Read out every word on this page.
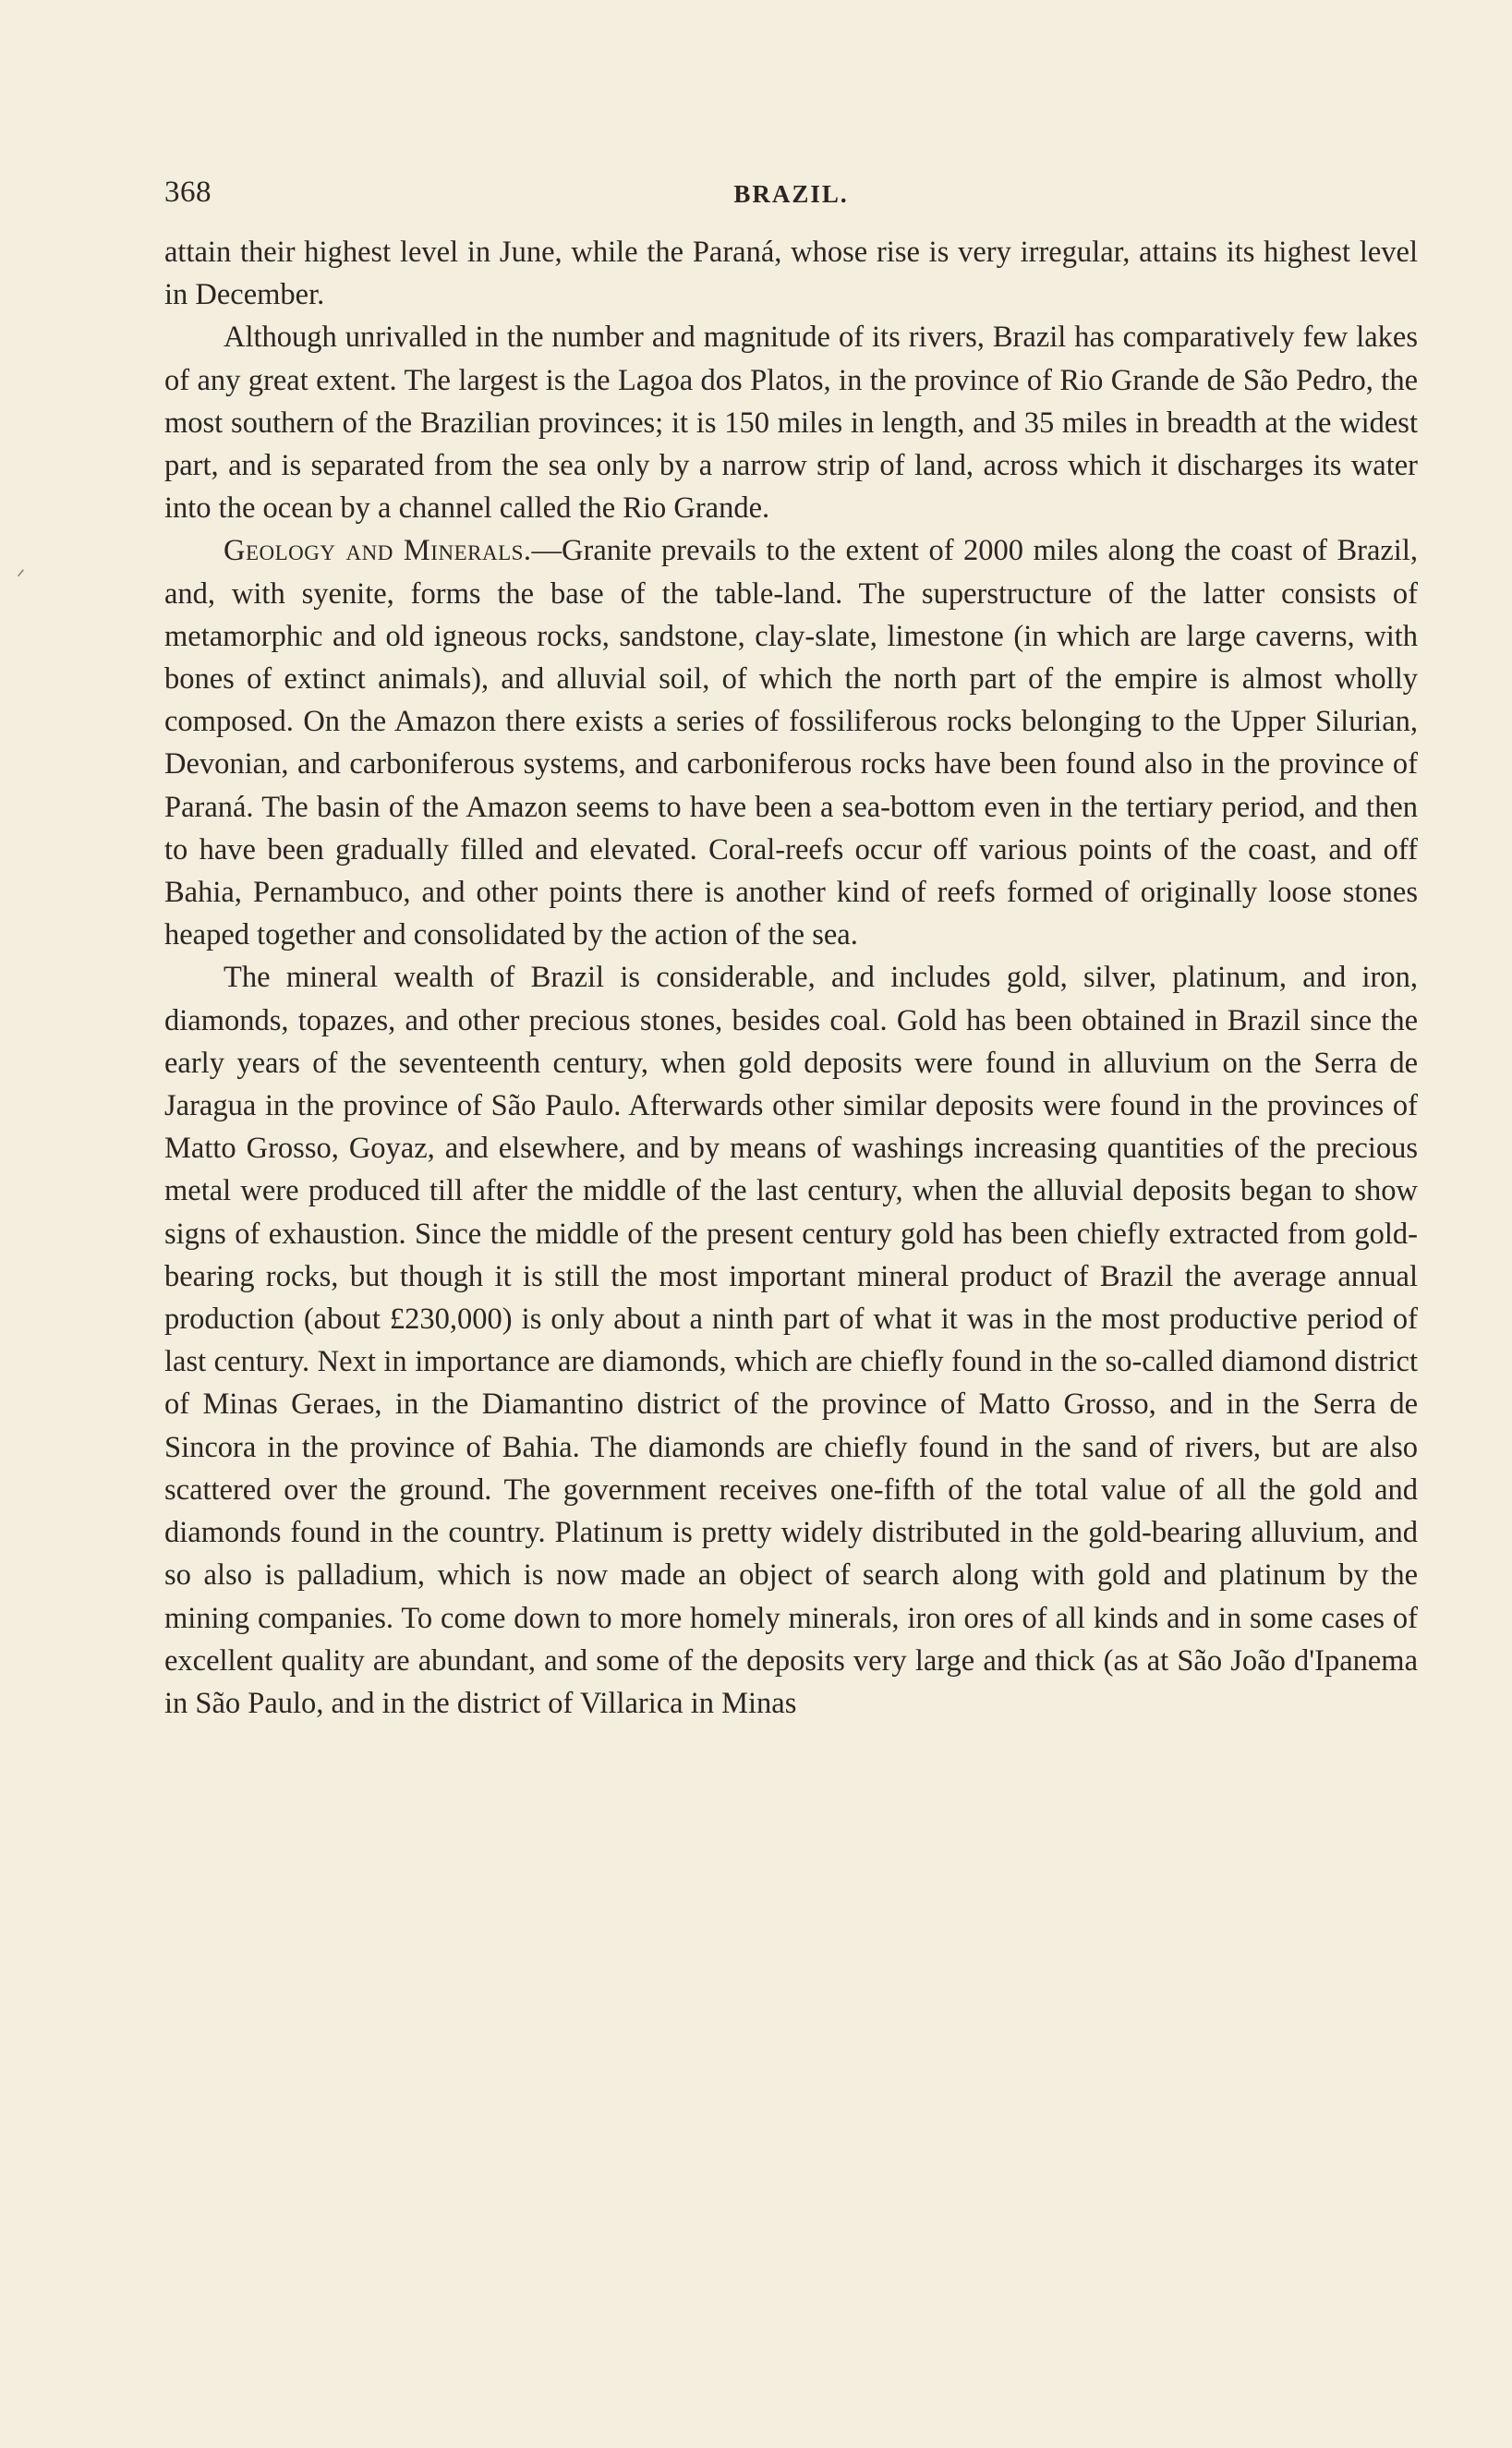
ᐟ
368	BRAZIL.

attain their highest level in June, while the Paraná, whose rise is very irregular, attains its highest level in December.

Although unrivalled in the number and magnitude of its rivers, Brazil has comparatively few lakes of any great extent. The largest is the Lagoa dos Platos, in the province of Rio Grande de São Pedro, the most southern of the Brazilian provinces; it is 150 miles in length, and 35 miles in breadth at the widest part, and is separated from the sea only by a narrow strip of land, across which it discharges its water into the ocean by a channel called the Rio Grande.

Geology and Minerals.—Granite prevails to the extent of 2000 miles along the coast of Brazil, and, with syenite, forms the base of the table-land. The superstructure of the latter consists of metamorphic and old igneous rocks, sandstone, clay-slate, limestone (in which are large caverns, with bones of extinct animals), and alluvial soil, of which the north part of the empire is almost wholly composed. On the Amazon there exists a series of fossiliferous rocks belonging to the Upper Silurian, Devonian, and carboniferous systems, and carboniferous rocks have been found also in the province of Paraná. The basin of the Amazon seems to have been a sea-bottom even in the tertiary period, and then to have been gradually filled and elevated. Coral-reefs occur off various points of the coast, and off Bahia, Pernambuco, and other points there is another kind of reefs formed of originally loose stones heaped together and consolidated by the action of the sea.

The mineral wealth of Brazil is considerable, and includes gold, silver, platinum, and iron, diamonds, topazes, and other precious stones, besides coal. Gold has been obtained in Brazil since the early years of the seventeenth century, when gold deposits were found in alluvium on the Serra de Jaragua in the province of São Paulo. Afterwards other similar deposits were found in the provinces of Matto Grosso, Goyaz, and elsewhere, and by means of washings increasing quantities of the precious metal were produced till after the middle of the last century, when the alluvial deposits began to show signs of exhaustion. Since the middle of the present century gold has been chiefly extracted from gold-bearing rocks, but though it is still the most important mineral product of Brazil the average annual production (about £230,000) is only about a ninth part of what it was in the most productive period of last century. Next in importance are diamonds, which are chiefly found in the so-called diamond district of Minas Geraes, in the Diamantino district of the province of Matto Grosso, and in the Serra de Sincora in the province of Bahia. The diamonds are chiefly found in the sand of rivers, but are also scattered over the ground. The government receives one-fifth of the total value of all the gold and diamonds found in the country. Platinum is pretty widely distributed in the gold-bearing alluvium, and so also is palladium, which is now made an object of search along with gold and platinum by the mining companies. To come down to more homely minerals, iron ores of all kinds and in some cases of excellent quality are abundant, and some of the deposits very large and thick (as at São João d'Ipanema in São Paulo, and in the district of Villarica in Minas
